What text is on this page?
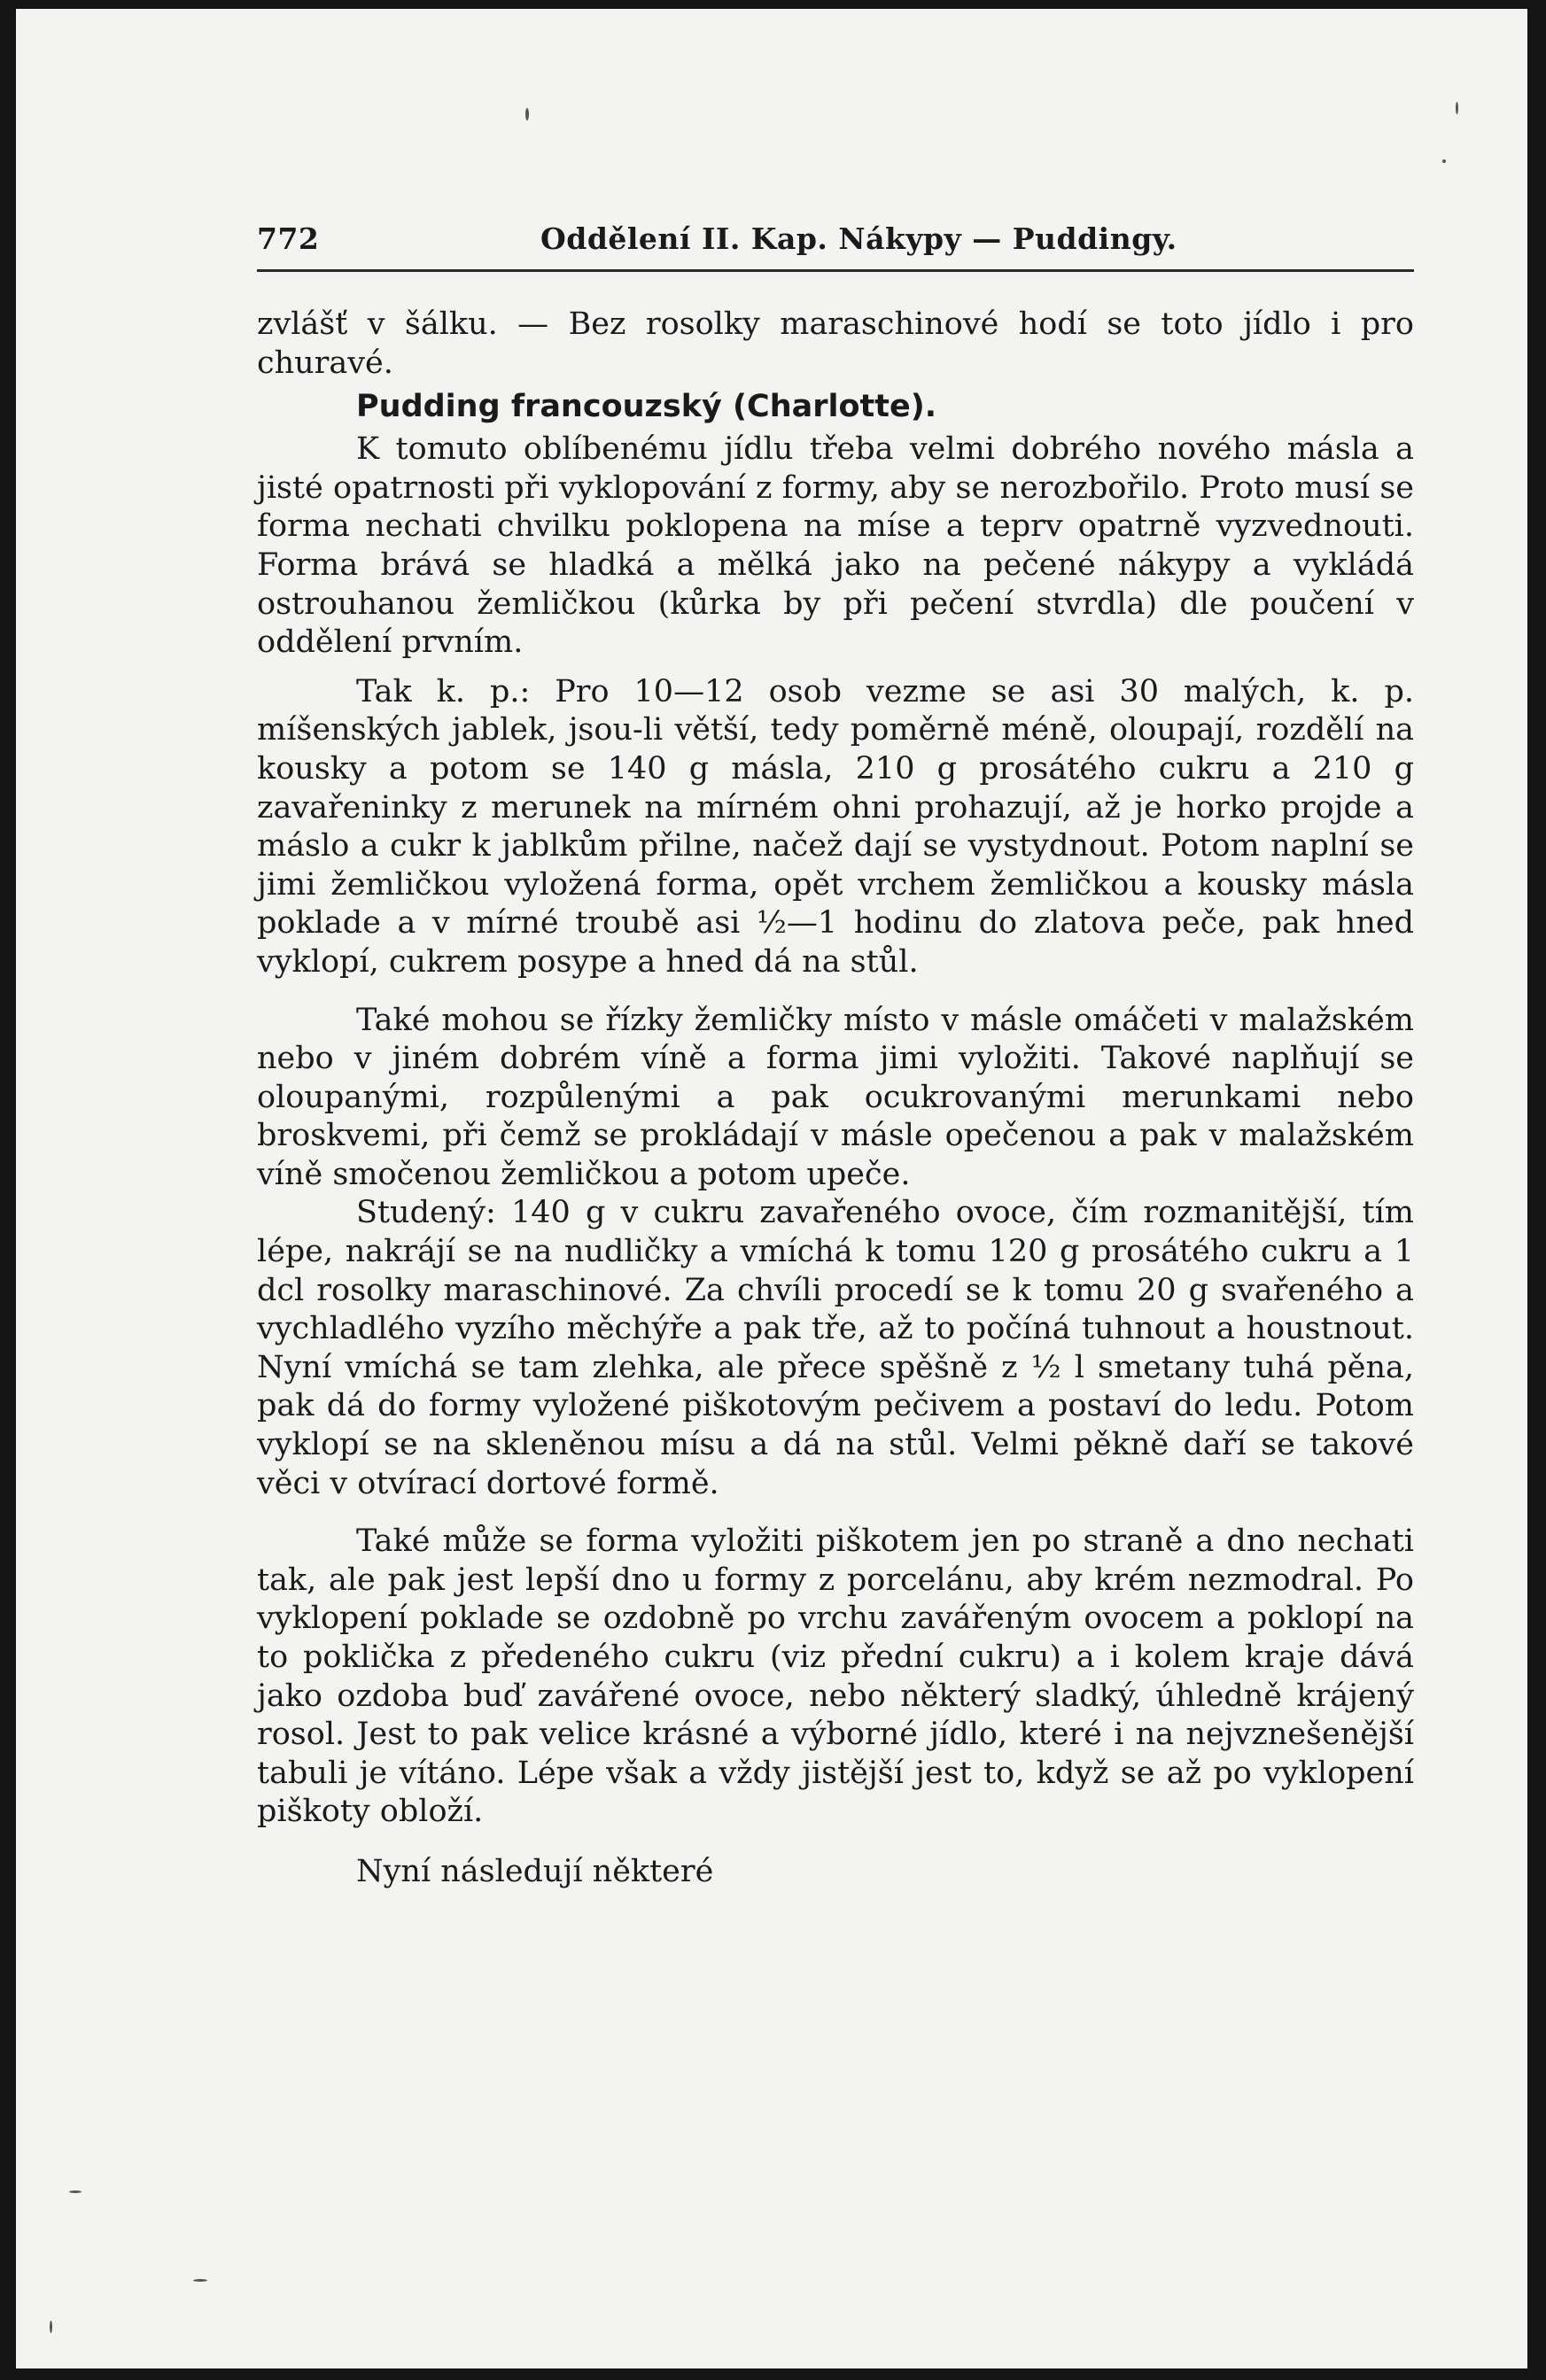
772	Oddělení II. Kap. Nákypy — Puddingy.

zvlášť v šálku. — Bez rosolky maraschinové hodí se toto jídlo i pro churavé.

Pudding francouzský (Charlotte).

K tomuto oblíbenému jídlu třeba velmi dobrého nového másla a jisté opatrnosti při vyklopování z formy, aby se nerozbořilo. Proto musí se forma nechati chvilku poklopena na míse a teprv opatrně vyzvednouti. Forma brává se hladká a mělká jako na pečené nákypy a vykládá ostrouhanou žemličkou (kůrka by při pečení stvrdla) dle poučení v oddělení prvním.

Tak k. p.: Pro 10—12 osob vezme se asi 30 malých, k. p. míšenských jablek, jsou-li větší, tedy poměrně méně, oloupají, rozdělí na kousky a potom se 140 g másla, 210 g prosátého cukru a 210 g zavařeninky z merunek na mírném ohni prohazují, až je horko projde a máslo a cukr k jablkům přilne, načež dají se vystydnout. Potom naplní se jimi žemličkou vyložená forma, opět vrchem žemličkou a kousky másla poklade a v mírné troubě asi ½—1 hodinu do zlatova peče, pak hned vyklopí, cukrem posype a hned dá na stůl.

Také mohou se řízky žemličky místo v másle omáčeti v malažském nebo v jiném dobrém víně a forma jimi vyložiti. Takové naplňují se oloupanými, rozpůlenými a pak ocukrovanými merunkami nebo broskvemi, při čemž se prokládají v másle opečenou a pak v malažském víně smočenou žemličkou a potom upeče.

Studený: 140 g v cukru zavařeného ovoce, čím rozmanitější, tím lépe, nakrájí se na nudličky a vmíchá k tomu 120 g prosátého cukru a 1 dcl rosolky maraschinové. Za chvíli procedí se k tomu 20 g svařeného a vychladlého vyzího měchýře a pak tře, až to počíná tuhnout a houstnout. Nyní vmíchá se tam zlehka, ale přece spěšně z ½ l smetany tuhá pěna, pak dá do formy vyložené piškotovým pečivem a postaví do ledu. Potom vyklopí se na skleněnou mísu a dá na stůl. Velmi pěkně daří se takové věci v otvírací dortové formě.

Také může se forma vyložiti piškotem jen po straně a dno nechati tak, ale pak jest lepší dno u formy z porcelánu, aby krém nezmodral. Po vyklopení poklade se ozdobně po vrchu zavářeným ovocem a poklopí na to poklička z předeného cukru (viz přední cukru) a i kolem kraje dává jako ozdoba buď zavářené ovoce, nebo některý sladký, úhledně krájený rosol. Jest to pak velice krásné a výborné jídlo, které i na nejvznešenější tabuli je vítáno. Lépe však a vždy jistější jest to, když se až po vyklopení piškoty obloží.

Nyní následují některé
